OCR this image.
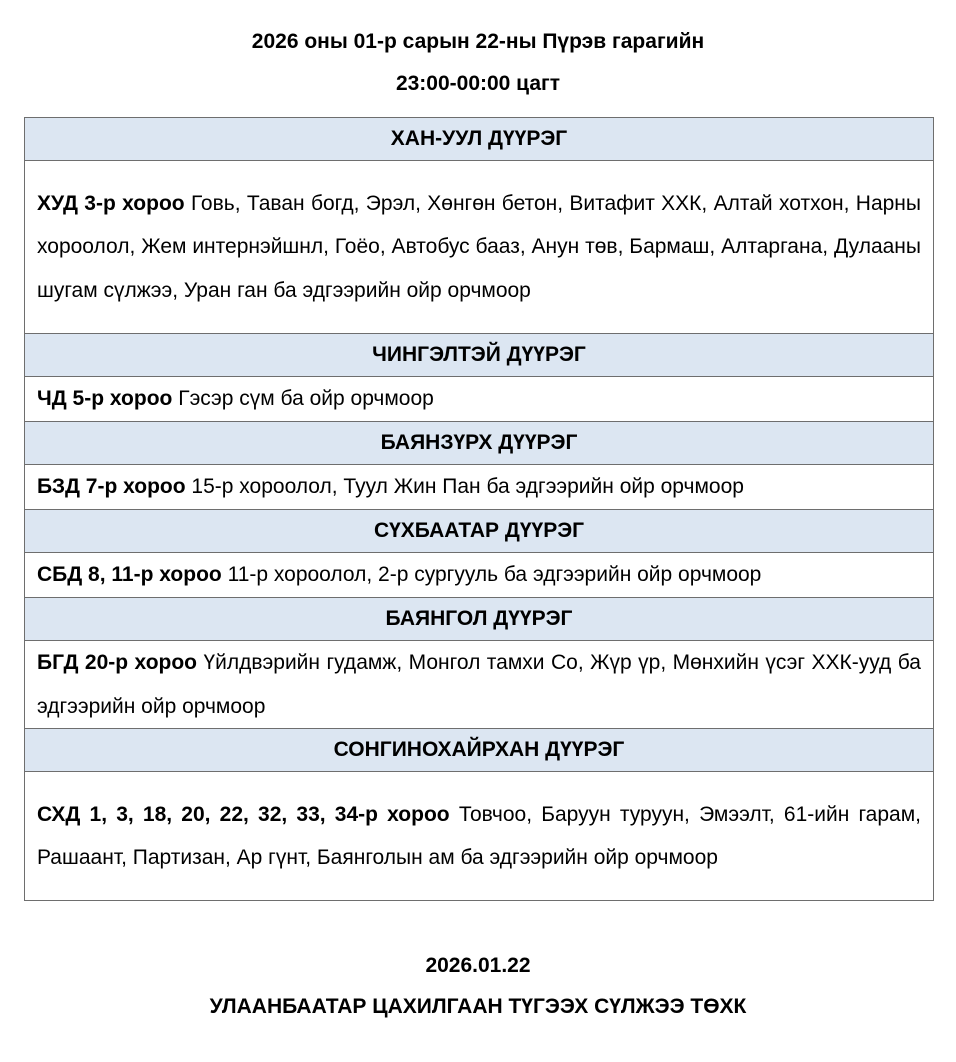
2026 оны 01-р сарын 22-ны Пүрэв гарагийн
23:00-00:00 цагт
ХАН-УУЛ ДҮҮРЭГ
ХУД 3-р хороо Говь, Таван богд, Эрэл, Хөнгөн бетон, Витафит ХХК, Алтай хотхон, Нарны хороолол, Жем интернэйшнл, Гоёо, Автобус бааз, Анун төв, Бармаш, Алтаргана, Дулааны шугам сүлжээ, Уран ган ба эдгээрийн ойр орчмоор
ЧИНГЭЛТЭЙ ДҮҮРЭГ
ЧД 5-р хороо Гэсэр сүм ба ойр орчмоор
БАЯНЗҮРХ ДҮҮРЭГ
БЗД 7-р хороо 15-р хороолол, Туул Жин Пан ба эдгээрийн ойр орчмоор
СҮХБААТАР ДҮҮРЭГ
СБД 8, 11-р хороо 11-р хороолол, 2-р сургууль ба эдгээрийн ойр орчмоор
БАЯНГОЛ ДҮҮРЭГ
БГД 20-р хороо Үйлдвэрийн гудамж, Монгол тамхи Со, Жүр үр, Мөнхийн үсэг ХХК-ууд ба эдгээрийн ойр орчмоор
СОНГИНОХАЙРХАН ДҮҮРЭГ
СХД 1, 3, 18, 20, 22, 32, 33, 34-р хороо Товчоо, Баруун туруун, Эмээлт, 61-ийн гарам, Рашаант, Партизан, Ар гүнт, Баянголын ам ба эдгээрийн ойр орчмоор
2026.01.22
УЛААНБААТАР ЦАХИЛГААН ТҮГЭЭХ СҮЛЖЭЭ ТӨХК
